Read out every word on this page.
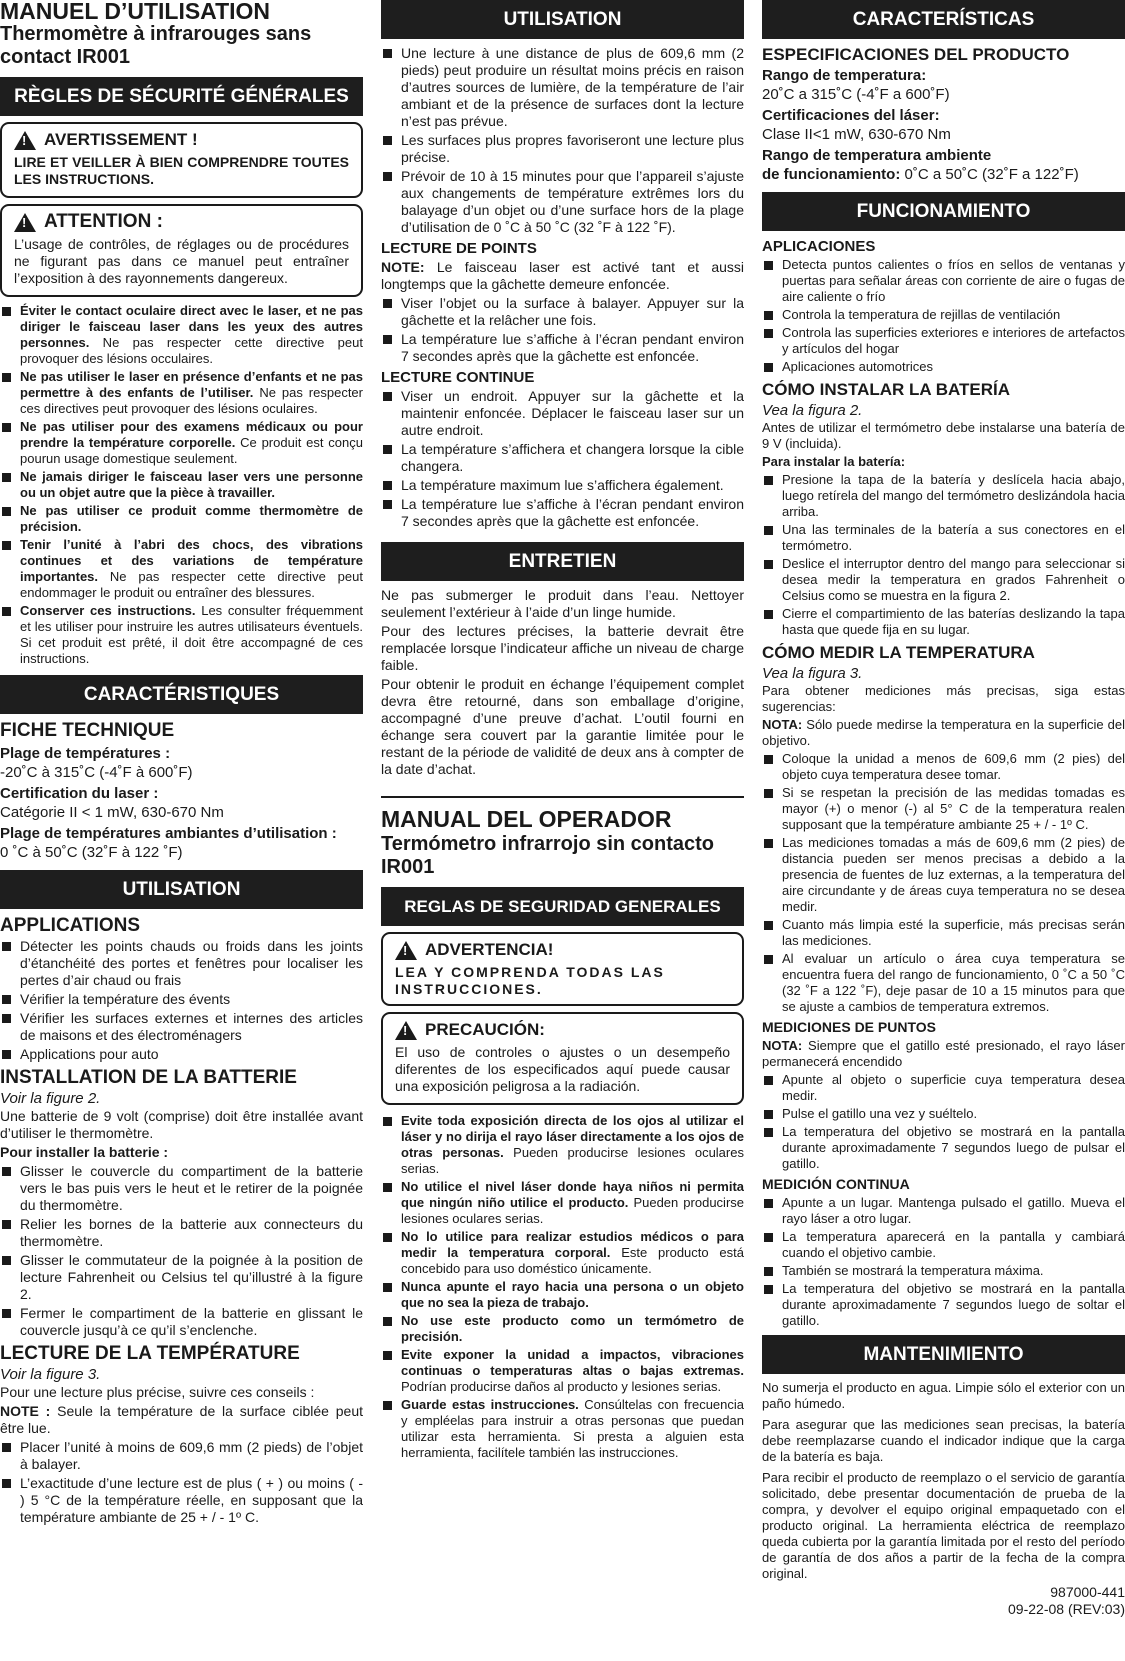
MANUEL D’UTILISATION
Thermomètre à infrarouges sans contact IR001
RÈGLES DE SÉCURITÉ GÉNÉRALES
!
AVERTISSEMENT !
LIRE ET VEILLER À BIEN COMPRENDRE TOUTES LES INSTRUCTIONS.
!
ATTENTION :
L’usage de contrôles, de réglages ou de procédures ne figurant pas dans ce manuel peut entraîner l’exposition à des rayonnements dangereux.
Éviter le contact oculaire direct avec le laser, et ne pas diriger le faisceau laser dans les yeux des autres personnes. Ne pas respecter cette directive peut provoquer des lésions occulaires.
Ne pas utiliser le laser en présence d’enfants et ne pas permettre à des enfants de l’utiliser. Ne pas respecter ces directives peut provoquer des lésions oculaires.
Ne pas utiliser pour des examens médicaux ou pour prendre la température corporelle. Ce produit est conçu pourun usage domestique seulement.
Ne jamais diriger le faisceau laser vers une personne ou un objet autre que la pièce à travailler.
Ne pas utiliser ce produit comme thermomètre de précision.
Tenir l’unité à l’abri des chocs, des vibrations continues et des variations de température importantes. Ne pas respecter cette directive peut endommager le produit ou entraîner des blessures.
Conserver ces instructions. Les consulter fréquemment et les utiliser pour instruire les autres utilisateurs éventuels. Si cet produit est prêté, il doit être accompagné de ces instructions.
CARACTÉRISTIQUES
FICHE TECHNIQUE
Plage de températures :
-20˚C à 315˚C (-4˚F à 600˚F)
Certification du laser :
Catégorie II < 1 mW, 630-670 Nm
Plage de températures ambiantes d’utilisation :
0 ˚C à 50˚C (32˚F à 122 ˚F)
UTILISATION
APPLICATIONS
Détecter les points chauds ou froids dans les joints d’étanchéité des portes et fenêtres pour localiser les pertes d’air chaud ou frais
Vérifier la température des évents
Vérifier les surfaces externes et internes des articles de maisons et des électroménagers
Applications pour auto
INSTALLATION DE LA BATTERIE
Voir la figure 2.
Une batterie de 9 volt (comprise) doit être installée avant d’utiliser le thermomètre.
Pour installer la batterie :
Glisser le couvercle du compartiment de la batterie vers le bas puis vers le heut et le retirer de la poignée du thermomètre.
Relier les bornes de la batterie aux connecteurs du thermomètre.
Glisser le commutateur de la poignée à la position de lecture Fahrenheit ou Celsius tel qu’illustré à la figure 2.
Fermer le compartiment de la batterie en glissant le couvercle jusqu’à ce qu’il s’enclenche.
LECTURE DE LA TEMPÉRATURE
Voir la figure 3.
Pour une lecture plus précise, suivre ces conseils :
NOTE : Seule la température de la surface ciblée peut être lue.
Placer l’unité à moins de 609,6 mm (2 pieds) de l’objet à balayer.
L’exactitude d’une lecture est de plus ( + ) ou moins ( - ) 5 °C de la température réelle, en supposant que la température ambiante de 25 + / - 1º C.
UTILISATION
Une lecture à une distance de plus de 609,6 mm (2 pieds) peut produire un résultat moins précis en raison d’autres sources de lumière, de la température de l’air ambiant et de la présence de surfaces dont la lecture n’est pas prévue.
Les surfaces plus propres favoriseront une lecture plus précise.
Prévoir de 10 à 15 minutes pour que l’appareil s’ajuste aux changements de température extrêmes lors du balayage d’un objet ou d’une surface hors de la plage d’utilisation de 0 ˚C à 50 ˚C (32 ˚F à 122 ˚F).
LECTURE DE POINTS
NOTE: Le faisceau laser est activé tant et aussi longtemps que la gâchette demeure enfoncée.
Viser l’objet ou la surface à balayer. Appuyer sur la gâchette et la relâcher une fois.
La température lue s’affiche à l’écran pendant environ 7 secondes après que la gâchette est enfoncée.
LECTURE CONTINUE
Viser un endroit. Appuyer sur la gâchette et la maintenir enfoncée. Déplacer le faisceau laser sur un autre endroit.
La température s’affichera et changera lorsque la cible changera.
La température maximum lue s’affichera également.
La température lue s’affiche à l’écran pendant environ 7 secondes après que la gâchette est enfoncée.
ENTRETIEN
Ne pas submerger le produit dans l’eau. Nettoyer seulement l’extérieur à l’aide d’un linge humide.
Pour des lectures précises, la batterie devrait être remplacée lorsque l’indicateur affiche un niveau de charge faible.
Pour obtenir le produit en échange l’équipement complet devra être retourné, dans son emballage d’origine, accompagné d’une preuve d’achat. L’outil fourni en échange sera couvert par la garantie limitée pour le restant de la période de validité de deux ans à compter de la date d’achat.
MANUAL DEL OPERADOR
Termómetro infrarrojo sin contacto IR001
REGLAS DE SEGURIDAD GENERALES
!
ADVERTENCIA!
LEA Y COMPRENDA TODAS LAS INSTRUCCIONES.
!
PRECAUCIÓN:
El uso de controles o ajustes o un desempeño diferentes de los especificados aquí puede causar una exposición peligrosa a la radiación.
Evite toda exposición directa de los ojos al utilizar el láser y no dirija el rayo láser directamente a los ojos de otras personas. Pueden producirse lesiones oculares serias.
No utilice el nivel láser donde haya niños ni permita que ningún niño utilice el producto. Pueden producirse lesiones oculares serias.
No lo utilice para realizar estudios médicos o para medir la temperatura corporal. Este producto está concebido para uso doméstico únicamente.
Nunca apunte el rayo hacia una persona o un objeto que no sea la pieza de trabajo.
No use este producto como un termómetro de precisión.
Evite exponer la unidad a impactos, vibraciones continuas o temperaturas altas o bajas extremas. Podrían producirse daños al producto y lesiones serias.
Guarde estas instrucciones. Consúltelas con frecuencia y empléelas para instruir a otras personas que puedan utilizar esta herramienta. Si presta a alguien esta herramienta, facilítele también las instrucciones.
CARACTERÍSTICAS
ESPECIFICACIONES DEL PRODUCTO
Rango de temperatura:
20˚C a 315˚C (-4˚F a 600˚F)
Certificaciones del láser:
Clase II<1 mW, 630-670 Nm
Rango de temperatura ambiente
de funcionamiento: 0˚C a 50˚C (32˚F a 122˚F)
FUNCIONAMIENTO
APLICACIONES
Detecta puntos calientes o fríos en sellos de ventanas y puertas para señalar áreas con corriente de aire o fugas de aire caliente o frío
Controla la temperatura de rejillas de ventilación
Controla las superficies exteriores e interiores de artefactos y artículos del hogar
Aplicaciones automotrices
CÓMO INSTALAR LA BATERÍA
Vea la figura 2.
Antes de utilizar el termómetro debe instalarse una batería de 9 V (incluida).
Para instalar la batería:
Presione la tapa de la batería y deslícela hacia abajo, luego retírela del mango del termómetro deslizándola hacia arriba.
Una las terminales de la batería a sus conectores en el termómetro.
Deslice el interruptor dentro del mango para seleccionar si desea medir la temperatura en grados Fahrenheit o Celsius como se muestra en la figura 2.
Cierre el compartimiento de las baterías deslizando la tapa hasta que quede fija en su lugar.
CÓMO MEDIR LA TEMPERATURA
Vea la figura 3.
Para obtener mediciones más precisas, siga estas sugerencias:
NOTA: Sólo puede medirse la temperatura en la superficie del objetivo.
Coloque la unidad a menos de 609,6 mm (2 pies) del objeto cuya temperatura desee tomar.
Si se respetan la precisión de las medidas tomadas es mayor (+) o menor (-) al 5° C de la temperatura realen supposant que la température ambiante 25 + / - 1º C.
Las mediciones tomadas a más de 609,6 mm (2 pies) de distancia pueden ser menos precisas a debido a la presencia de fuentes de luz externas, a la temperatura del aire circundante y de áreas cuya temperatura no se desea medir.
Cuanto más limpia esté la superficie, más precisas serán las mediciones.
Al evaluar un artículo o área cuya temperatura se encuentra fuera del rango de funcionamiento, 0 ˚C a 50 ˚C (32 ˚F a 122 ˚F), deje pasar de 10 a 15 minutos para que se ajuste a cambios de temperatura extremos.
MEDICIONES DE PUNTOS
NOTA: Siempre que el gatillo esté presionado, el rayo láser permanecerá encendido
Apunte al objeto o superficie cuya temperatura desea medir.
Pulse el gatillo una vez y suéltelo.
La temperatura del objetivo se mostrará en la pantalla durante aproximadamente 7 segundos luego de pulsar el gatillo.
MEDICIÓN CONTINUA
Apunte a un lugar. Mantenga pulsado el gatillo. Mueva el rayo láser a otro lugar.
La temperatura aparecerá en la pantalla y cambiará cuando el objetivo cambie.
También se mostrará la temperatura máxima.
La temperatura del objetivo se mostrará en la pantalla durante aproximadamente 7 segundos luego de soltar el gatillo.
MANTENIMIENTO
No sumerja el producto en agua. Limpie sólo el exterior con un paño húmedo.
Para asegurar que las mediciones sean precisas, la batería debe reemplazarse cuando el indicador indique que la carga de la batería es baja.
Para recibir el producto de reemplazo o el servicio de garantía solicitado, debe presentar documentación de prueba de la compra, y devolver el equipo original empaquetado con el producto original. La herramienta eléctrica de reemplazo queda cubierta por la garantía limitada por el resto del período de garantía de dos años a partir de la fecha de la compra original.
987000-441
09-22-08 (REV:03)
